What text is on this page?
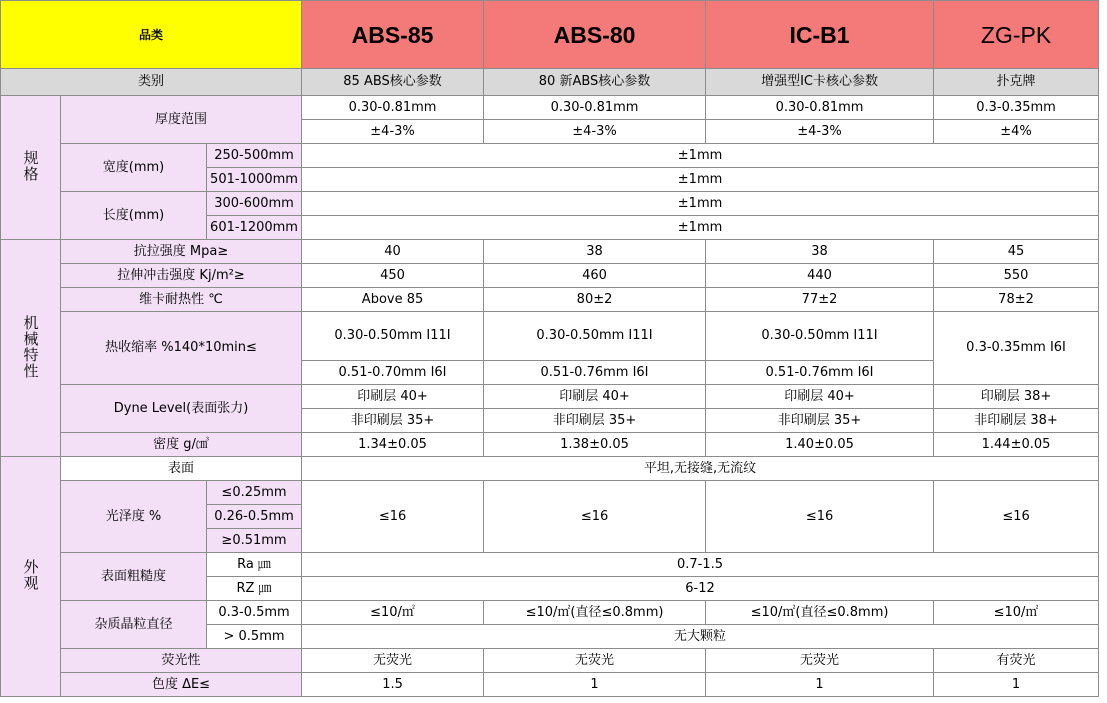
品类			ABS-85	ABS-80	IC-B1	ZG-PK
类别			85 ABS核心参数	80 新ABS核心参数	增强型IC卡核心参数	扑克牌
规格	厚度范围		0.30-0.81mm	0.30-0.81mm	0.30-0.81mm	0.3-0.35mm
			±4-3%	±4-3%	±4-3%	±4%
	宽度(mm)	250-500mm	±1mm			
		501-1000mm	±1mm			
	长度(mm)	300-600mm	±1mm			
		601-1200mm	±1mm			
机械特性	抗拉强度 Mpa≥		40	38	38	45
	拉伸冲击强度 Kj/m²≥		450	460	440	550
	维卡耐热性 ℃		Above 85	80±2	77±2	78±2
	热收缩率 %140*10min≤		0.30-0.50mm I11I	0.30-0.50mm I11I	0.30-0.50mm I11I	0.3-0.35mm I6I
			0.51-0.70mm I6I	0.51-0.76mm I6I	0.51-0.76mm I6I	
	Dyne Level(表面张力)		印刷层 40+	印刷层 40+	印刷层 40+	印刷层 38+
			非印刷层 35+	非印刷层 35+	非印刷层 35+	非印刷层 38+
	密度 g/㎤		1.34±0.05	1.38±0.05	1.40±0.05	1.44±0.05
外观	表面		平坦,无接缝,无流纹			
	光泽度 %	≤0.25mm	≤16	≤16	≤16	≤16
		0.26-0.5mm				
		≥0.51mm				
	表面粗糙度	Ra ㎛	0.7-1.5			
		RZ ㎛	6-12			
	杂质晶粒直径	0.3-0.5mm	≤10/㎡	≤10/㎡(直径≤0.8mm)	≤10/㎡(直径≤0.8mm)	≤10/㎡
		> 0.5mm	无大颗粒			
	荧光性		无荧光	无荧光	无荧光	有荧光
	色度 ΔE≤		1.5	1	1	1
